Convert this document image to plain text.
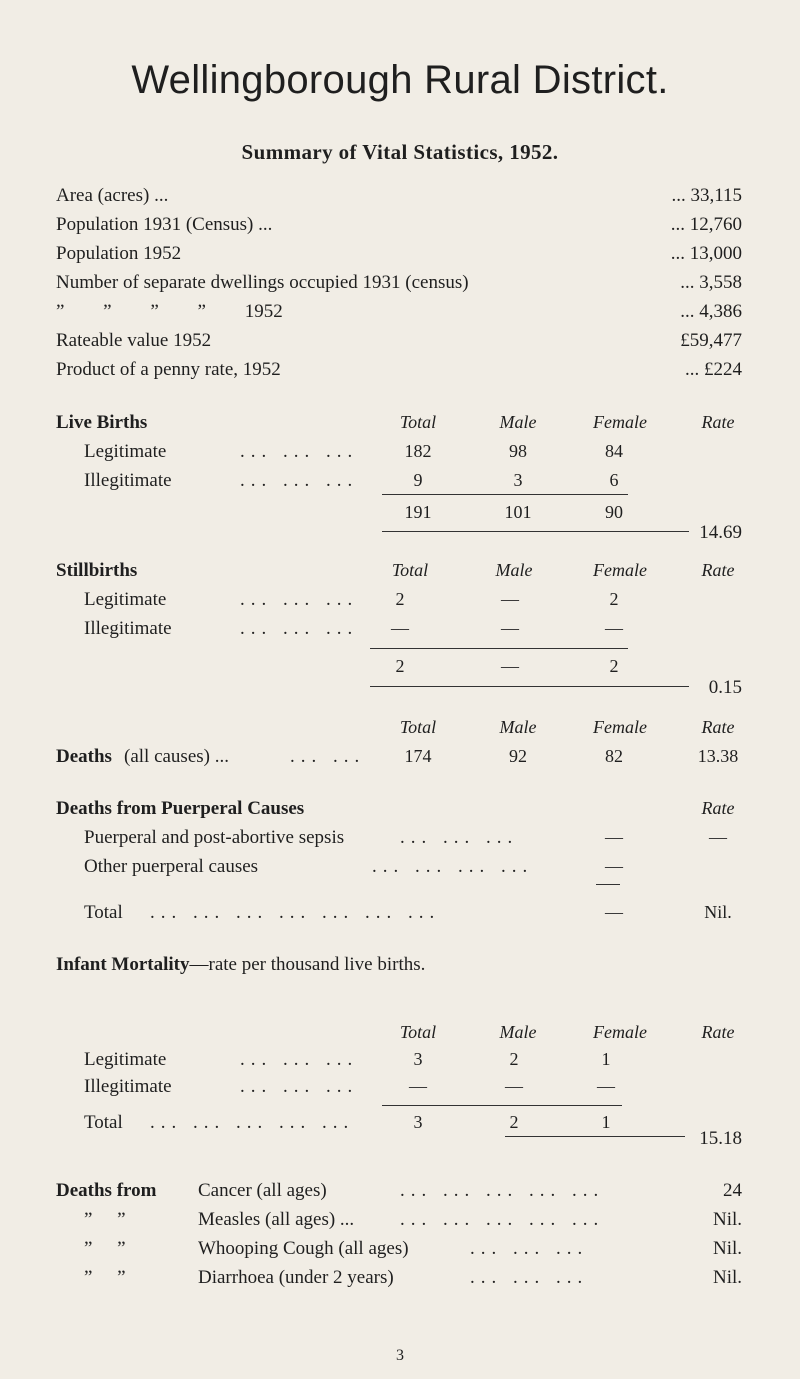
Wellingborough Rural District.
Summary of Vital Statistics, 1952.
Area (acres) ...	... 33,115
Population 1931 (Census) ...	... 12,760
Population 1952	... 13,000
Number of separate dwellings occupied 1931 (census)	... 3,558
” ” ” ” 1952	... 4,386
Rateable value 1952	£59,477
Product of a penny rate, 1952	... £224
Live Births	Total	Male	Female	Rate
Legitimate	... ... ...	182	98	84
Illegitimate	... ... ...	9	3	6
191	101	90
14.69
Stillbirths	Total	Male	Female	Rate
Legitimate	... ... ...	2	—	2
Illegitimate	... ... ...	—	—	—
2	—	2
0.15
Total	Male	Female	Rate
Deaths (all causes) ...	... ...	174	92	82	13.38
Deaths from Puerperal Causes	Rate
Puerperal and post-abortive sepsis	... ... ...	—	—
Other puerperal causes	... ... ... ...	—
Total ... ... ... ... ... ... ...	—	Nil.
Infant Mortality—rate per thousand live births.
Total	Male	Female	Rate
Legitimate	... ... ...	3	2	1
Illegitimate	... ... ...	—	—	—
Total ... ... ... ... ...	3	2	1
15.18
Deaths from Cancer (all ages)	... ... ... ... ...	24
” ”	Measles (all ages) ... ... ... ... ... ...	Nil.
” ”	Whooping Cough (all ages)	... ... ...	Nil.
” ”	Diarrhoea (under 2 years)	... ... ...	Nil.
3
